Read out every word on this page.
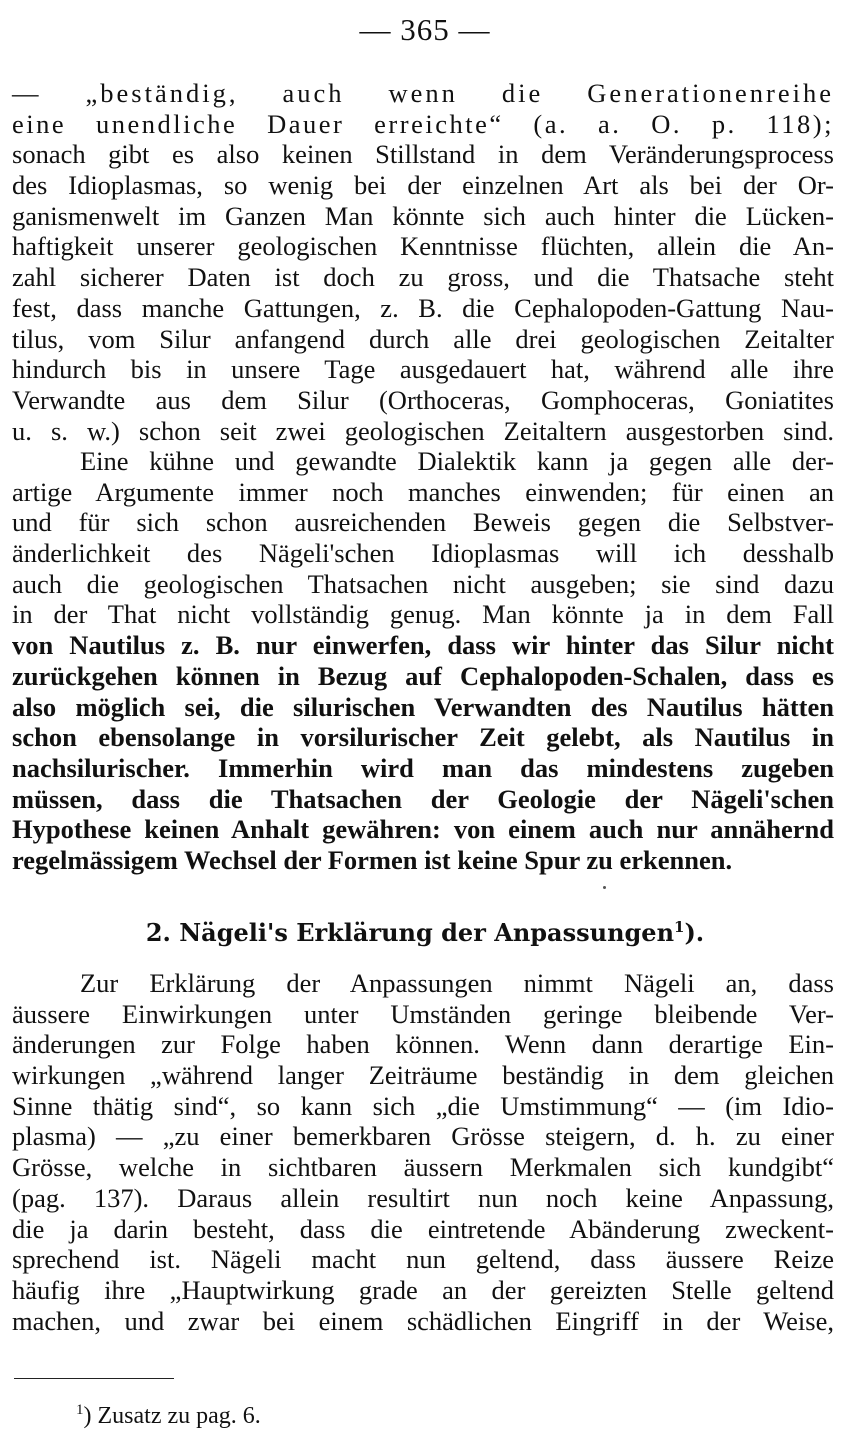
— 365 —
— „beständig, auch wenn die Generationenreihe
eine unendliche Dauer erreichte“ (a. a. O. p. 118);
sonach gibt es also keinen Stillstand in dem Veränderungsprocess
des Idioplasmas, so wenig bei der einzelnen Art als bei der Or-
ganismenwelt im Ganzen Man könnte sich auch hinter die Lücken-
haftigkeit unserer geologischen Kenntnisse flüchten, allein die An-
zahl sicherer Daten ist doch zu gross, und die Thatsache steht
fest, dass manche Gattungen, z. B. die Cephalopoden-Gattung Nau-
tilus, vom Silur anfangend durch alle drei geologischen Zeitalter
hindurch bis in unsere Tage ausgedauert hat, während alle ihre
Verwandte aus dem Silur (Orthoceras, Gomphoceras, Goniatites
u. s. w.) schon seit zwei geologischen Zeitaltern ausgestorben sind.
Eine kühne und gewandte Dialektik kann ja gegen alle der-
artige Argumente immer noch manches einwenden; für einen an
und für sich schon ausreichenden Beweis gegen die Selbstver-
änderlichkeit des Nägeli'schen Idioplasmas will ich desshalb
auch die geologischen Thatsachen nicht ausgeben; sie sind dazu
in der That nicht vollständig genug. Man könnte ja in dem Fall
von Nautilus z. B. nur einwerfen, dass wir hinter das Silur nicht
zurückgehen können in Bezug auf Cephalopoden-Schalen, dass es
also möglich sei, die silurischen Verwandten des Nautilus hätten
schon ebensolange in vorsilurischer Zeit gelebt, als Nautilus in
nachsilurischer. Immerhin wird man das mindestens zugeben
müssen, dass die Thatsachen der Geologie der Nägeli'schen
Hypothese keinen Anhalt gewähren: von einem auch nur annähernd
regelmässigem Wechsel der Formen ist keine Spur zu erkennen.
2. Nägeli's Erklärung der Anpassungen$^1$).
Zur Erklärung der Anpassungen nimmt Nägeli an, dass
äussere Einwirkungen unter Umständen geringe bleibende Ver-
änderungen zur Folge haben können. Wenn dann derartige Ein-
wirkungen „während langer Zeiträume beständig in dem gleichen
Sinne thätig sind“, so kann sich „die Umstimmung“ — (im Idio-
plasma) — „zu einer bemerkbaren Grösse steigern, d. h. zu einer
Grösse, welche in sichtbaren äussern Merkmalen sich kundgibt“
(pag. 137). Daraus allein resultirt nun noch keine Anpassung,
die ja darin besteht, dass die eintretende Abänderung zweckent-
sprechend ist. Nägeli macht nun geltend, dass äussere Reize
häufig ihre „Hauptwirkung grade an der gereizten Stelle geltend
machen, und zwar bei einem schädlichen Eingriff in der Weise,
$^1$) Zusatz zu pag. 6.
